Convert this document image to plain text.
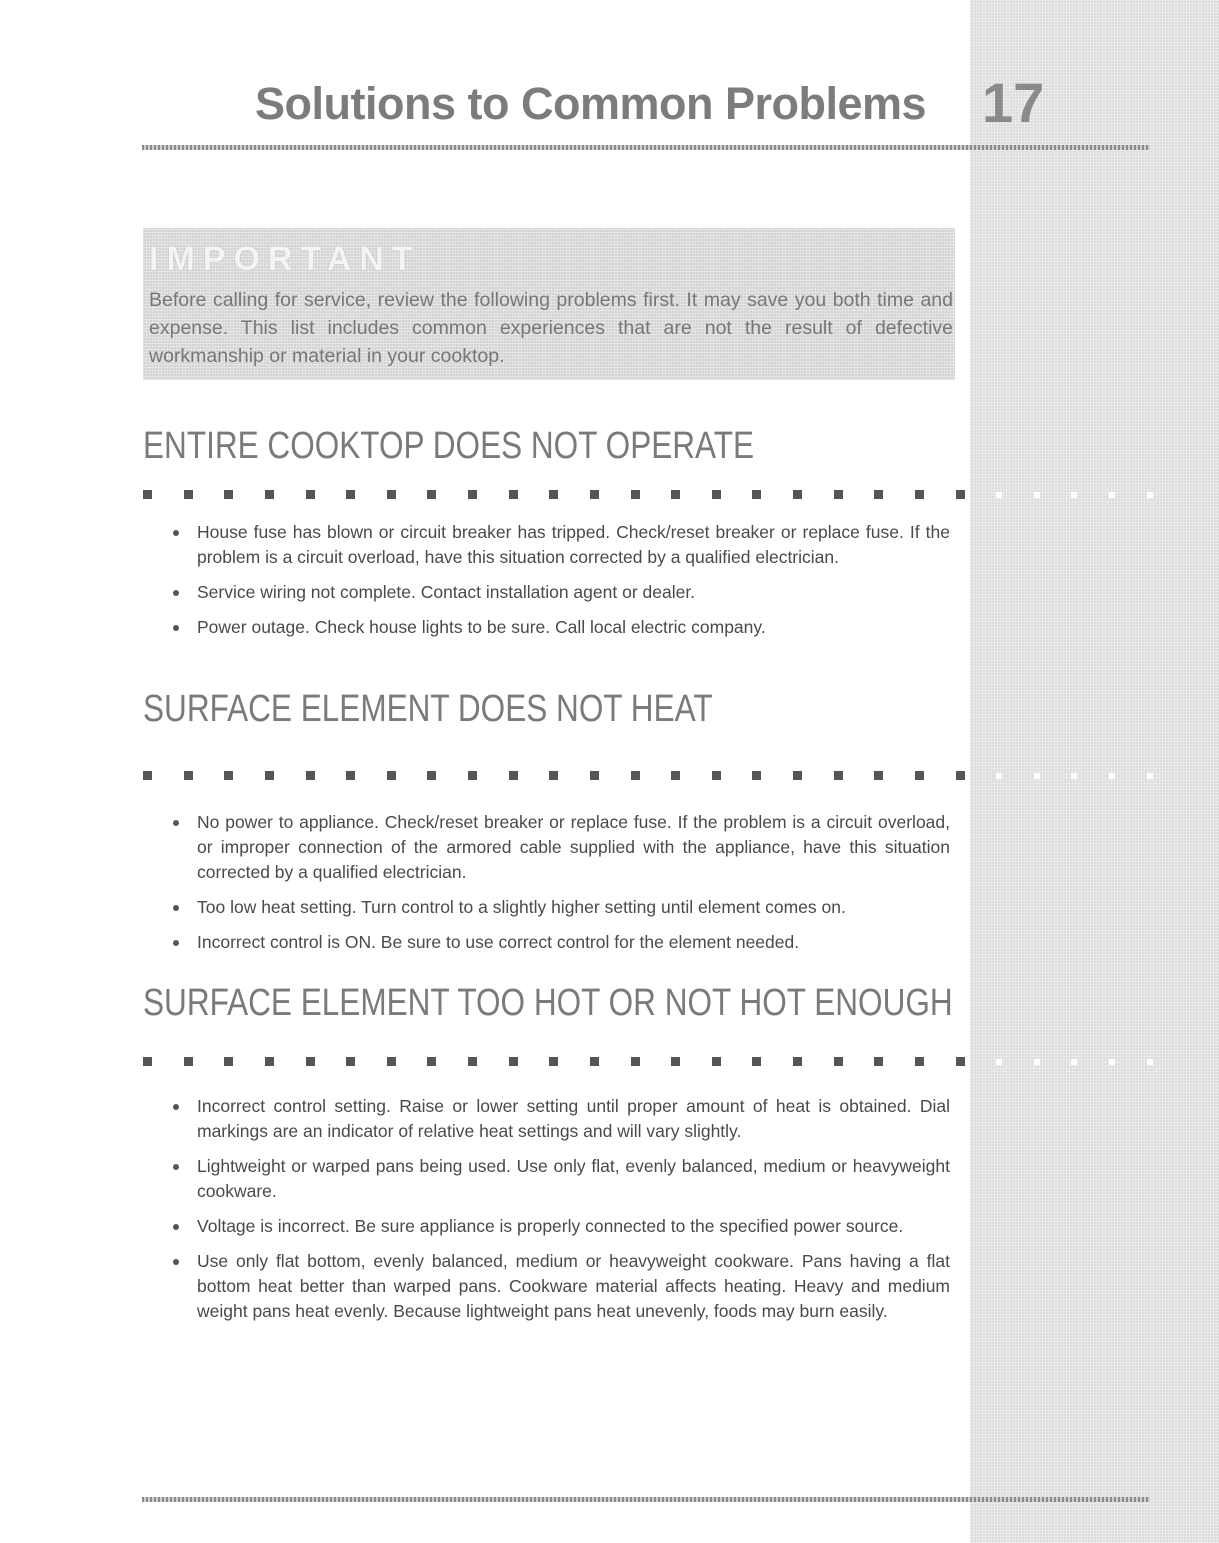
Solutions to Common Problems 17
IMPORTANT
Before calling for service, review the following problems first. It may save you both time and expense. This list includes common experiences that are not the result of defective workmanship or material in your cooktop.
ENTIRE COOKTOP DOES NOT OPERATE
House fuse has blown or circuit breaker has tripped. Check/reset breaker or replace fuse. If the problem is a circuit overload, have this situation corrected by a qualified electrician.
Service wiring not complete. Contact installation agent or dealer.
Power outage. Check house lights to be sure. Call local electric company.
SURFACE ELEMENT DOES NOT HEAT
No power to appliance. Check/reset breaker or replace fuse. If the problem is a circuit overload, or improper connection of the armored cable supplied with the appliance, have this situation corrected by a qualified electrician.
Too low heat setting. Turn control to a slightly higher setting until element comes on.
Incorrect control is ON. Be sure to use correct control for the element needed.
SURFACE ELEMENT TOO HOT OR NOT HOT ENOUGH
Incorrect control setting. Raise or lower setting until proper amount of heat is obtained. Dial markings are an indicator of relative heat settings and will vary slightly.
Lightweight or warped pans being used. Use only flat, evenly balanced, medium or heavyweight cookware.
Voltage is incorrect. Be sure appliance is properly connected to the specified power source.
Use only flat bottom, evenly balanced, medium or heavyweight cookware. Pans having a flat bottom heat better than warped pans. Cookware material affects heating. Heavy and medium weight pans heat evenly. Because lightweight pans heat unevenly, foods may burn easily.
